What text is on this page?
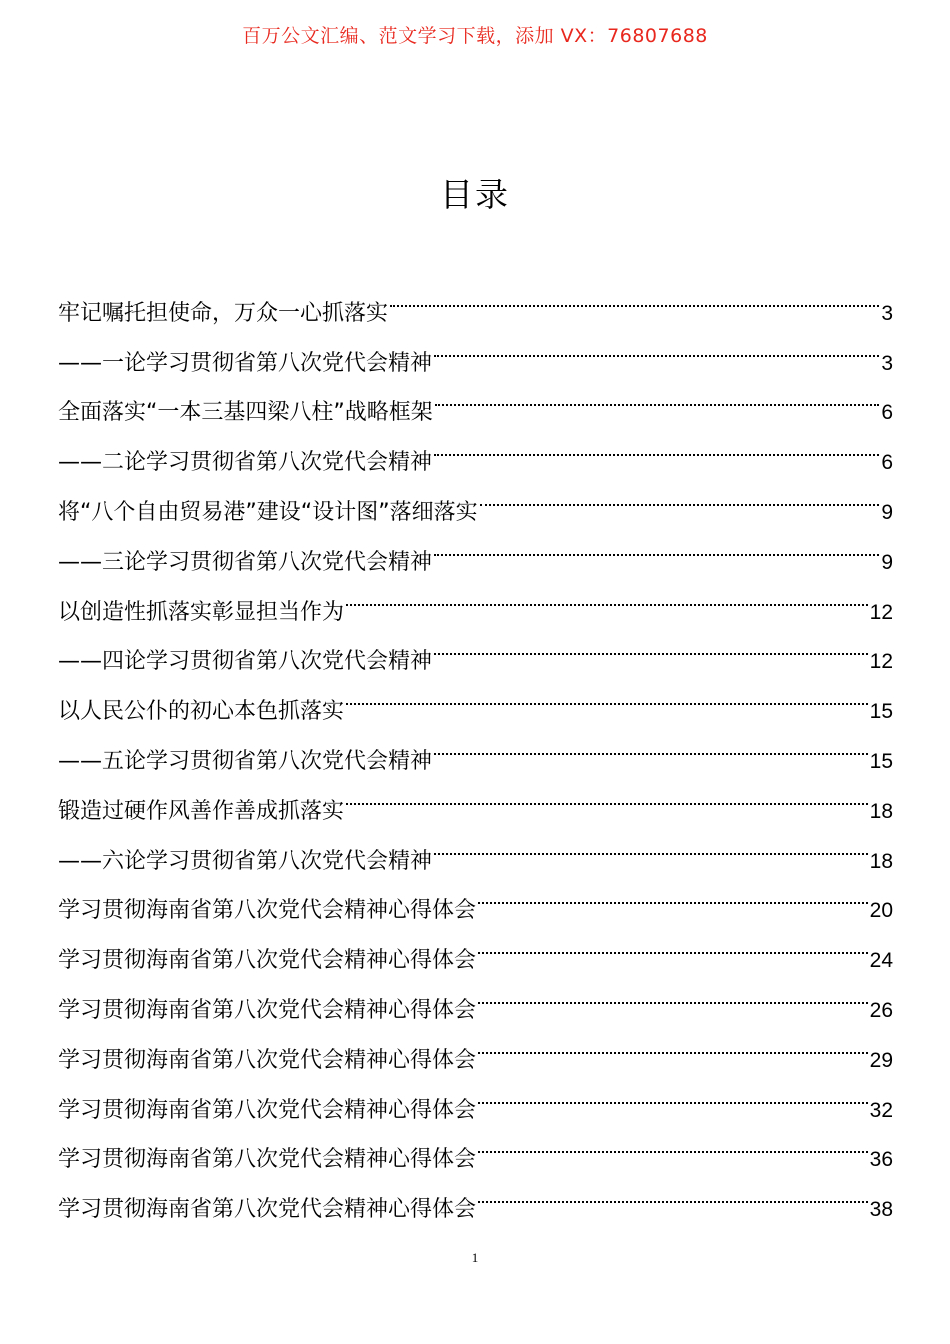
百万公文汇编、范文学习下载，添加 VX：76807688
目录
牢记嘱托担使命，万众一心抓落实	3
——一论学习贯彻省第八次党代会精神	3
全面落实“一本三基四梁八柱”战略框架	6
——二论学习贯彻省第八次党代会精神	6
将“八个自由贸易港”建设“设计图”落细落实	9
——三论学习贯彻省第八次党代会精神	9
以创造性抓落实彰显担当作为	12
——四论学习贯彻省第八次党代会精神	12
以人民公仆的初心本色抓落实	15
——五论学习贯彻省第八次党代会精神	15
锻造过硬作风善作善成抓落实	18
——六论学习贯彻省第八次党代会精神	18
学习贯彻海南省第八次党代会精神心得体会	20
学习贯彻海南省第八次党代会精神心得体会	24
学习贯彻海南省第八次党代会精神心得体会	26
学习贯彻海南省第八次党代会精神心得体会	29
学习贯彻海南省第八次党代会精神心得体会	32
学习贯彻海南省第八次党代会精神心得体会	36
学习贯彻海南省第八次党代会精神心得体会	38
1
